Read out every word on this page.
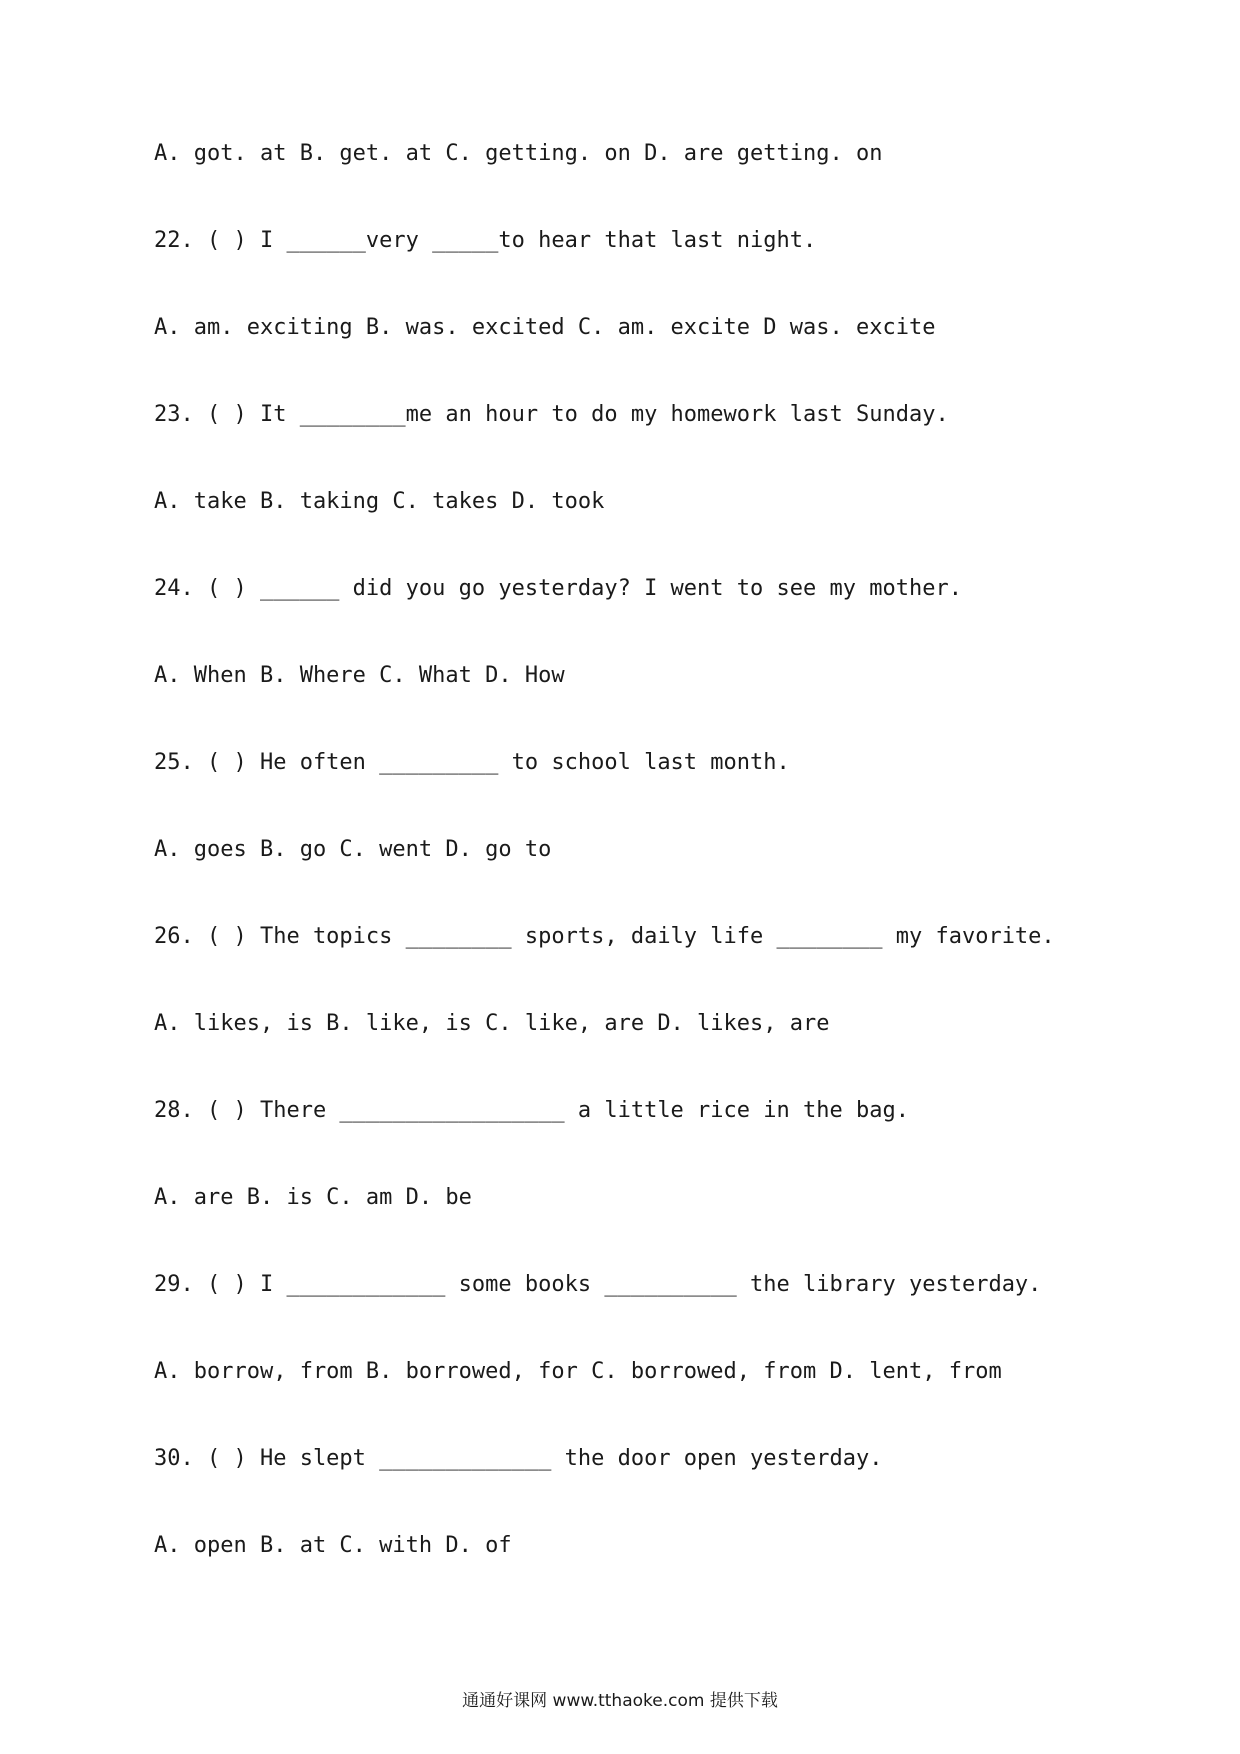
A. got. at B. get. at C. getting. on D. are getting. on
22. ( ) I ______very _____to hear that last night.
A. am. exciting B. was. excited C. am. excite D was. excite
23. ( ) It ________me an hour to do my homework last Sunday.
A. take B. taking C. takes D. took
24. ( ) ______ did you go yesterday? I went to see my mother.
A. When B. Where C. What D. How
25. ( ) He often _________ to school last month.
A. goes B. go C. went D. go to
26. ( ) The topics ________ sports, daily life ________ my favorite.
A. likes, is B. like, is C. like, are D. likes, are
28. ( ) There _________________ a little rice in the bag.
A. are B. is C. am D. be
29. ( ) I ____________ some books __________ the library yesterday.
A. borrow, from B. borrowed, for C. borrowed, from D. lent, from
30. ( ) He slept _____________ the door open yesterday.
A. open B. at C. with D. of
通通好课网 www.tthaoke.com 提供下载
